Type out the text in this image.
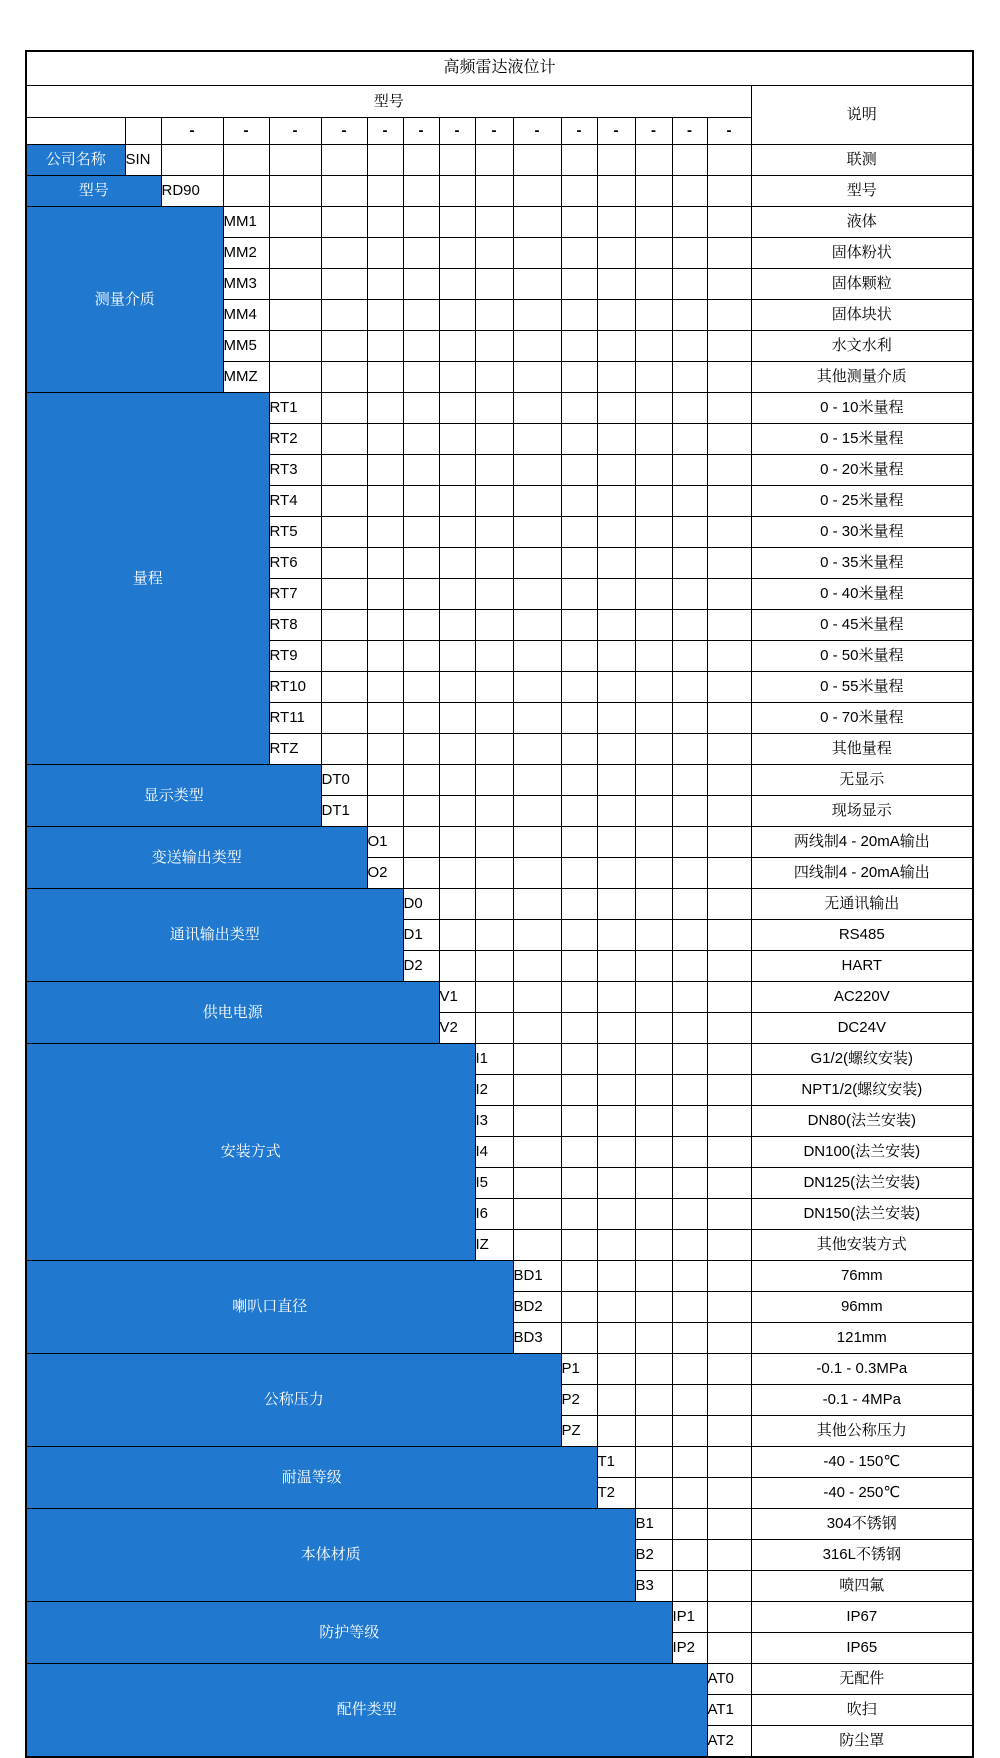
高频雷达液位计																
型号																说明
		-	-	-	-	-	-	-	-	-	-	-	-	-	-	
公司名称	SIN															联测
型号		RD90														型号
测量介质			MM1													液体
			MM2													固体粉状
			MM3													固体颗粒
			MM4													固体块状
			MM5													水文水利
			MMZ													其他测量介质
量程				RT1												0 - 10米量程
				RT2												0 - 15米量程
				RT3												0 - 20米量程
				RT4												0 - 25米量程
				RT5												0 - 30米量程
				RT6												0 - 35米量程
				RT7												0 - 40米量程
				RT8												0 - 45米量程
				RT9												0 - 50米量程
				RT10												0 - 55米量程
				RT11												0 - 70米量程
				RTZ												其他量程
显示类型					DT0											无显示
					DT1											现场显示
变送输出类型						O1										两线制4 - 20mA输出
						O2										四线制4 - 20mA输出
通讯输出类型							D0									无通讯输出
							D1									RS485
							D2									HART
供电电源								V1								AC220V
								V2								DC24V
安装方式									I1							G1/2(螺纹安装)
									I2							NPT1/2(螺纹安装)
									I3							DN80(法兰安装)
									I4							DN100(法兰安装)
									I5							DN125(法兰安装)
									I6							DN150(法兰安装)
									IZ							其他安装方式
喇叭口直径										BD1						76mm
										BD2						96mm
										BD3						121mm
公称压力											P1					-0.1 - 0.3MPa
											P2					-0.1 - 4MPa
											PZ					其他公称压力
耐温等级												T1				-40 - 150℃
												T2				-40 - 250℃
本体材质													B1			304不锈钢
													B2			316L不锈钢
													B3			喷四氟
防护等级														IP1		IP67
														IP2		IP65
配件类型															AT0	无配件
															AT1	吹扫
															AT2	防尘罩
